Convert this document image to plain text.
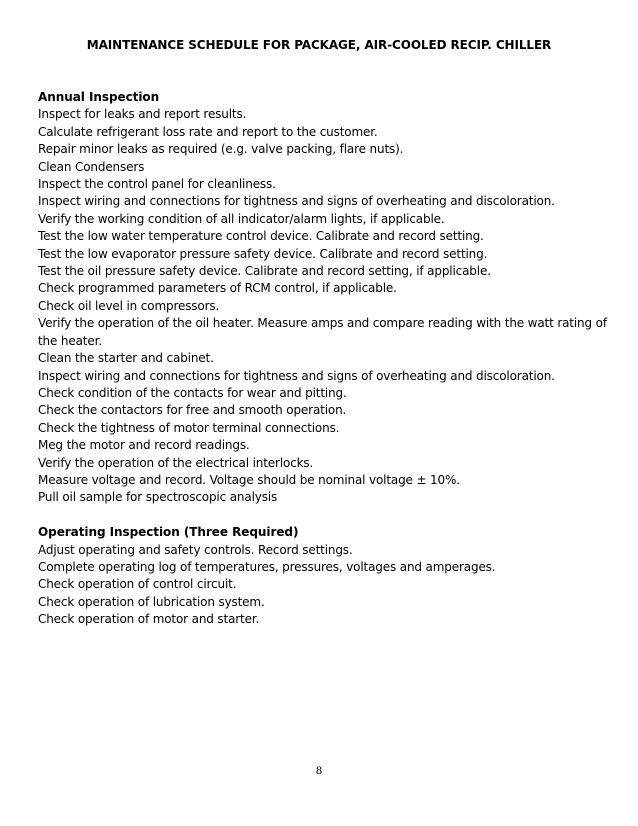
MAINTENANCE SCHEDULE FOR PACKAGE, AIR-COOLED RECIP. CHILLER
Annual Inspection
Inspect for leaks and report results.
Calculate refrigerant loss rate and report to the customer.
Repair minor leaks as required (e.g. valve packing, flare nuts).
Clean Condensers
Inspect the control panel for cleanliness.
Inspect wiring and connections for tightness and signs of overheating and discoloration.
Verify the working condition of all indicator/alarm lights, if applicable.
Test the low water temperature control device. Calibrate and record setting.
Test the low evaporator pressure safety device. Calibrate and record setting.
Test the oil pressure safety device. Calibrate and record setting, if applicable.
Check programmed parameters of RCM control, if applicable.
Check oil level in compressors.
Verify the operation of the oil heater. Measure amps and compare reading with the watt rating of the heater.
Clean the starter and cabinet.
Inspect wiring and connections for tightness and signs of overheating and discoloration.
Check condition of the contacts for wear and pitting.
Check the contactors for free and smooth operation.
Check the tightness of motor terminal connections.
Meg the motor and record readings.
Verify the operation of the electrical interlocks.
Measure voltage and record. Voltage should be nominal voltage ± 10%.
Pull oil sample for spectroscopic analysis
Operating Inspection (Three Required)
Adjust operating and safety controls. Record settings.
Complete operating log of temperatures, pressures, voltages and amperages.
Check operation of control circuit.
Check operation of lubrication system.
Check operation of motor and starter.
8
